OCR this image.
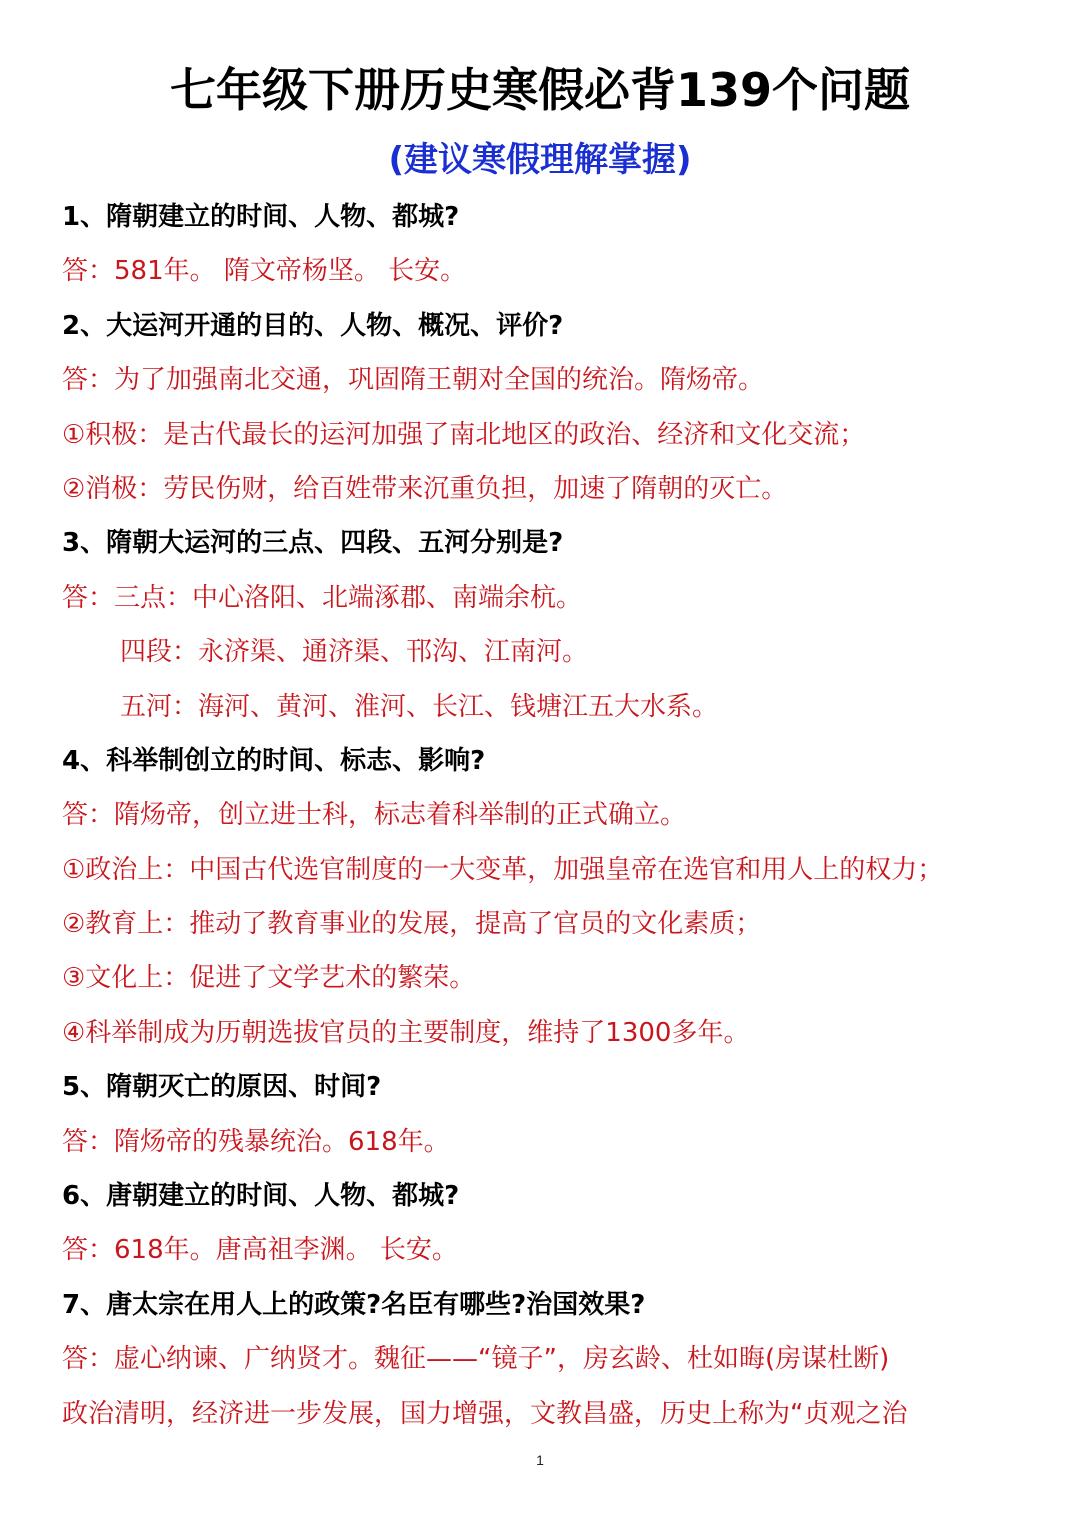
七年级下册历史寒假必背139个问题
(建议寒假理解掌握)
1、隋朝建立的时间、人物、都城?
答：581年。 隋文帝杨坚。 长安。
2、大运河开通的目的、人物、概况、评价?
答：为了加强南北交通，巩固隋王朝对全国的统治。隋炀帝。
①积极：是古代最长的运河加强了南北地区的政治、经济和文化交流；
②消极：劳民伤财，给百姓带来沉重负担，加速了隋朝的灭亡。
3、隋朝大运河的三点、四段、五河分别是?
答：三点：中心洛阳、北端涿郡、南端余杭。
四段：永济渠、通济渠、邗沟、江南河。
五河：海河、黄河、淮河、长江、钱塘江五大水系。
4、科举制创立的时间、标志、影响?
答：隋炀帝，创立进士科，标志着科举制的正式确立。
①政治上：中国古代选官制度的一大变革，加强皇帝在选官和用人上的权力；
②教育上：推动了教育事业的发展，提高了官员的文化素质；
③文化上：促进了文学艺术的繁荣。
④科举制成为历朝选拔官员的主要制度，维持了1300多年。
5、隋朝灭亡的原因、时间?
答：隋炀帝的残暴统治。618年。
6、唐朝建立的时间、人物、都城?
答：618年。唐高祖李渊。 长安。
7、唐太宗在用人上的政策?名臣有哪些?治国效果?
答：虚心纳谏、广纳贤才。魏征——“镜子”，房玄龄、杜如晦(房谋杜断)
政治清明，经济进一步发展，国力增强，文教昌盛，历史上称为“贞观之治
1
